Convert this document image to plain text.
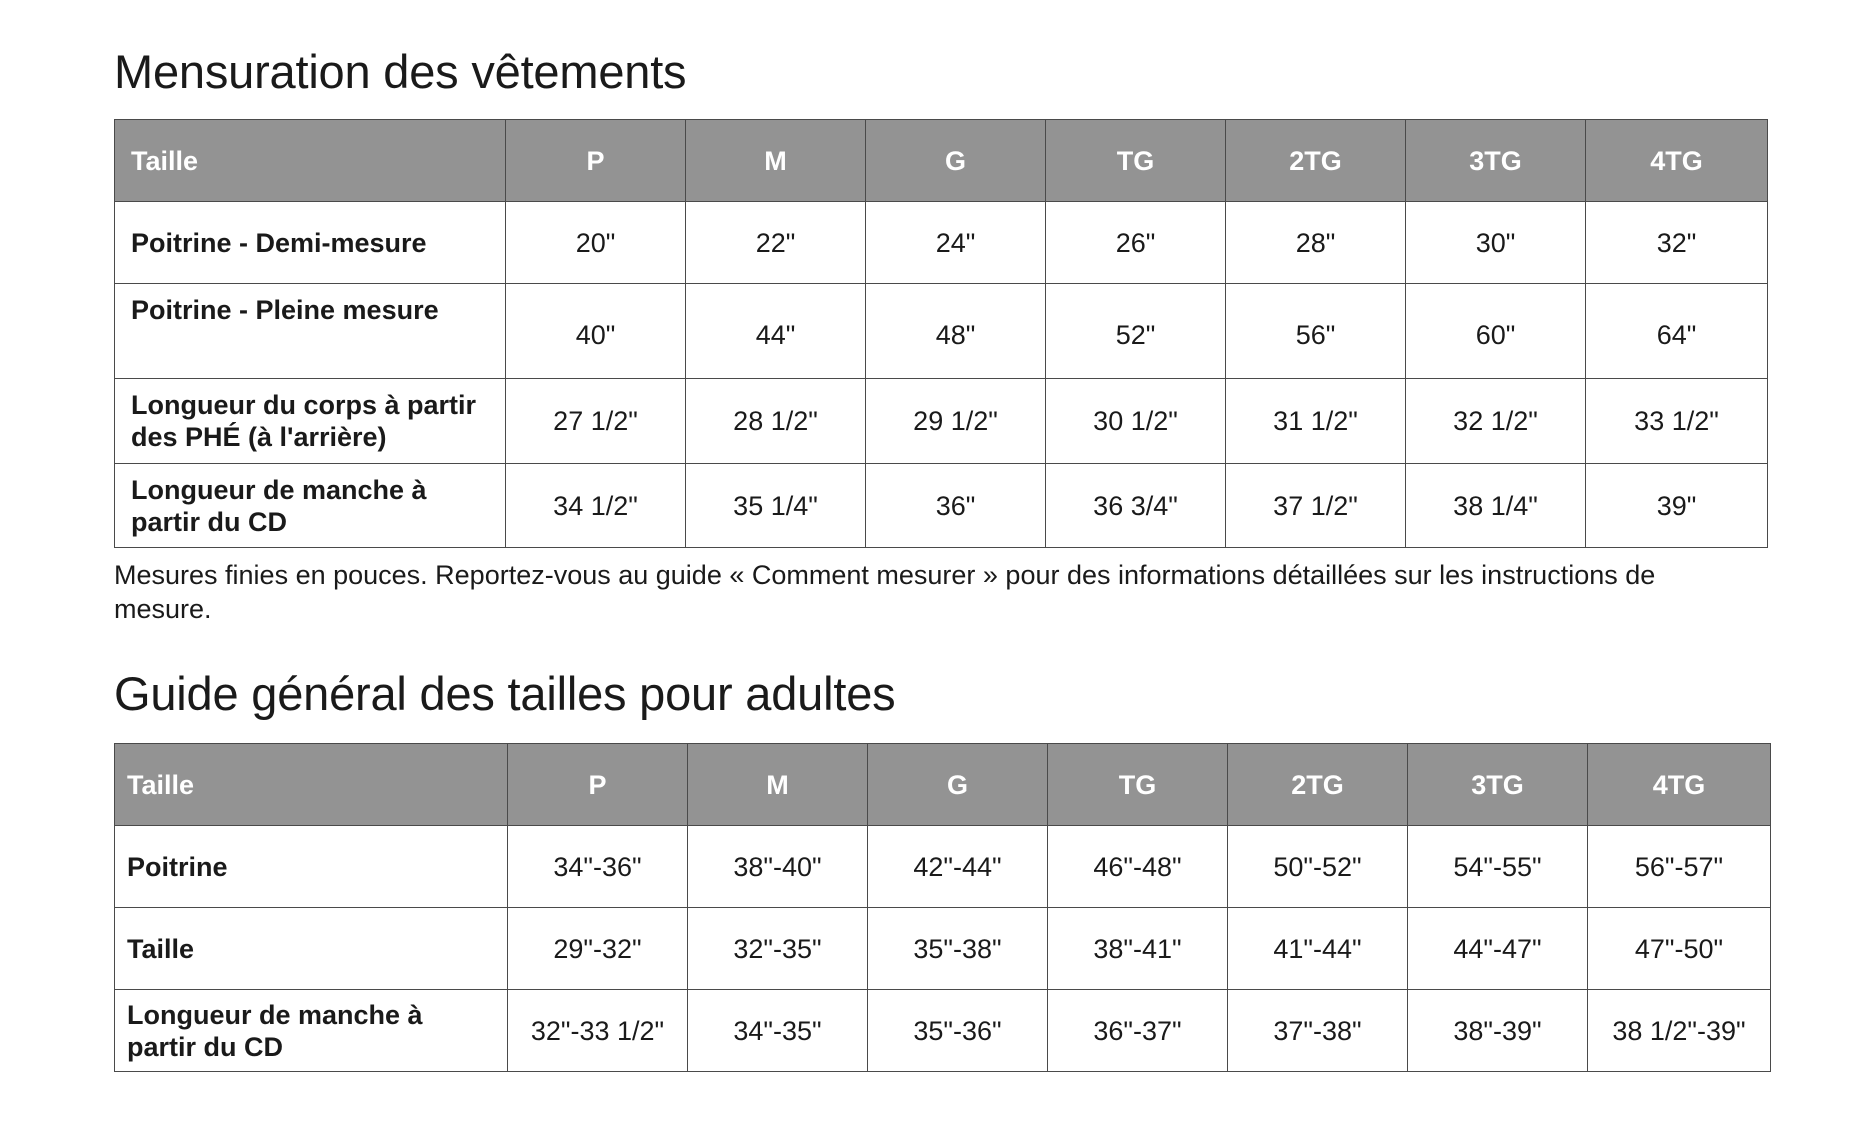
Mensuration des vêtements
Taille	P	M	G	TG	2TG	3TG	4TG
Poitrine - Demi-mesure	20"	22"	24"	26"	28"	30"	32"
Poitrine - Pleine mesure	40"	44"	48"	52"	56"	60"	64"
Longueur du corps à partir des PHÉ (à l'arrière)	27 1/2"	28 1/2"	29 1/2"	30 1/2"	31 1/2"	32 1/2"	33 1/2"
Longueur de manche à partir du CD	34 1/2"	35 1/4"	36"	36 3/4"	37 1/2"	38 1/4"	39"

Mesures finies en pouces. Reportez-vous au guide « Comment mesurer » pour des informations détaillées sur les instructions de mesure.

Guide général des tailles pour adultes
Taille	P	M	G	TG	2TG	3TG	4TG
Poitrine	34"-36"	38"-40"	42"-44"	46"-48"	50"-52"	54"-55"	56"-57"
Taille	29"-32"	32"-35"	35"-38"	38"-41"	41"-44"	44"-47"	47"-50"
Longueur de manche à partir du CD	32"-33 1/2"	34"-35"	35"-36"	36"-37"	37"-38"	38"-39"	38 1/2"-39"
